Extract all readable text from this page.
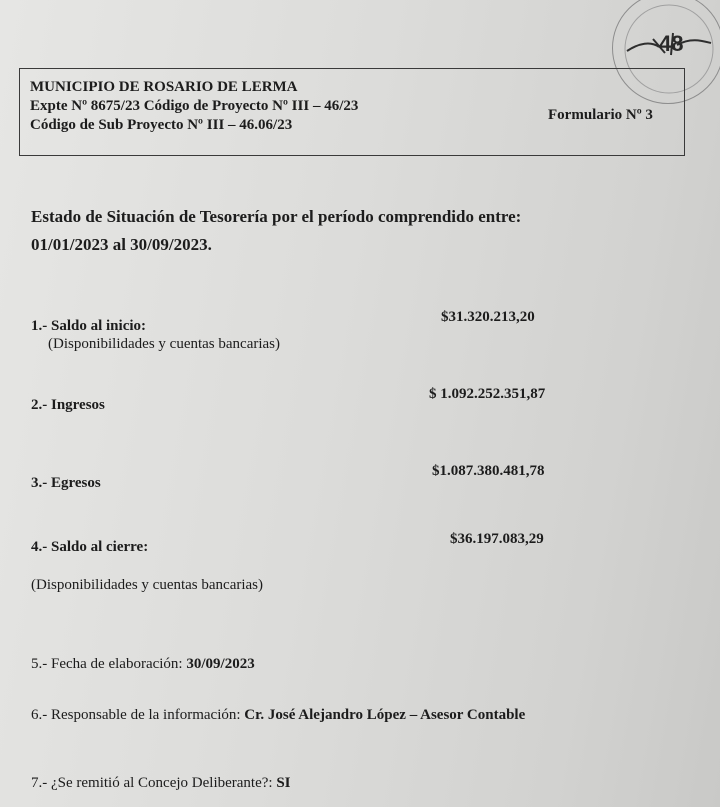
48
MUNICIPIO DE ROSARIO DE LERMA
Expte Nº 8675/23 Código de Proyecto Nº III – 46/23
Código de Sub Proyecto Nº III – 46.06/23
Formulario Nº 3
Estado de Situación de Tesorería por el período comprendido entre:
01/01/2023 al 30/09/2023.
1.- Saldo al inicio:
(Disponibilidades y cuentas bancarias)
$31.320.213,20
2.- Ingresos
$ 1.092.252.351,87
3.- Egresos
$1.087.380.481,78
4.- Saldo al cierre:	$36.197.083,29
(Disponibilidades y cuentas bancarias)
5.- Fecha de elaboración: 30/09/2023
6.- Responsable de la información: Cr. José Alejandro López – Asesor Contable
7.- ¿Se remitió al Concejo Deliberante?: SI
